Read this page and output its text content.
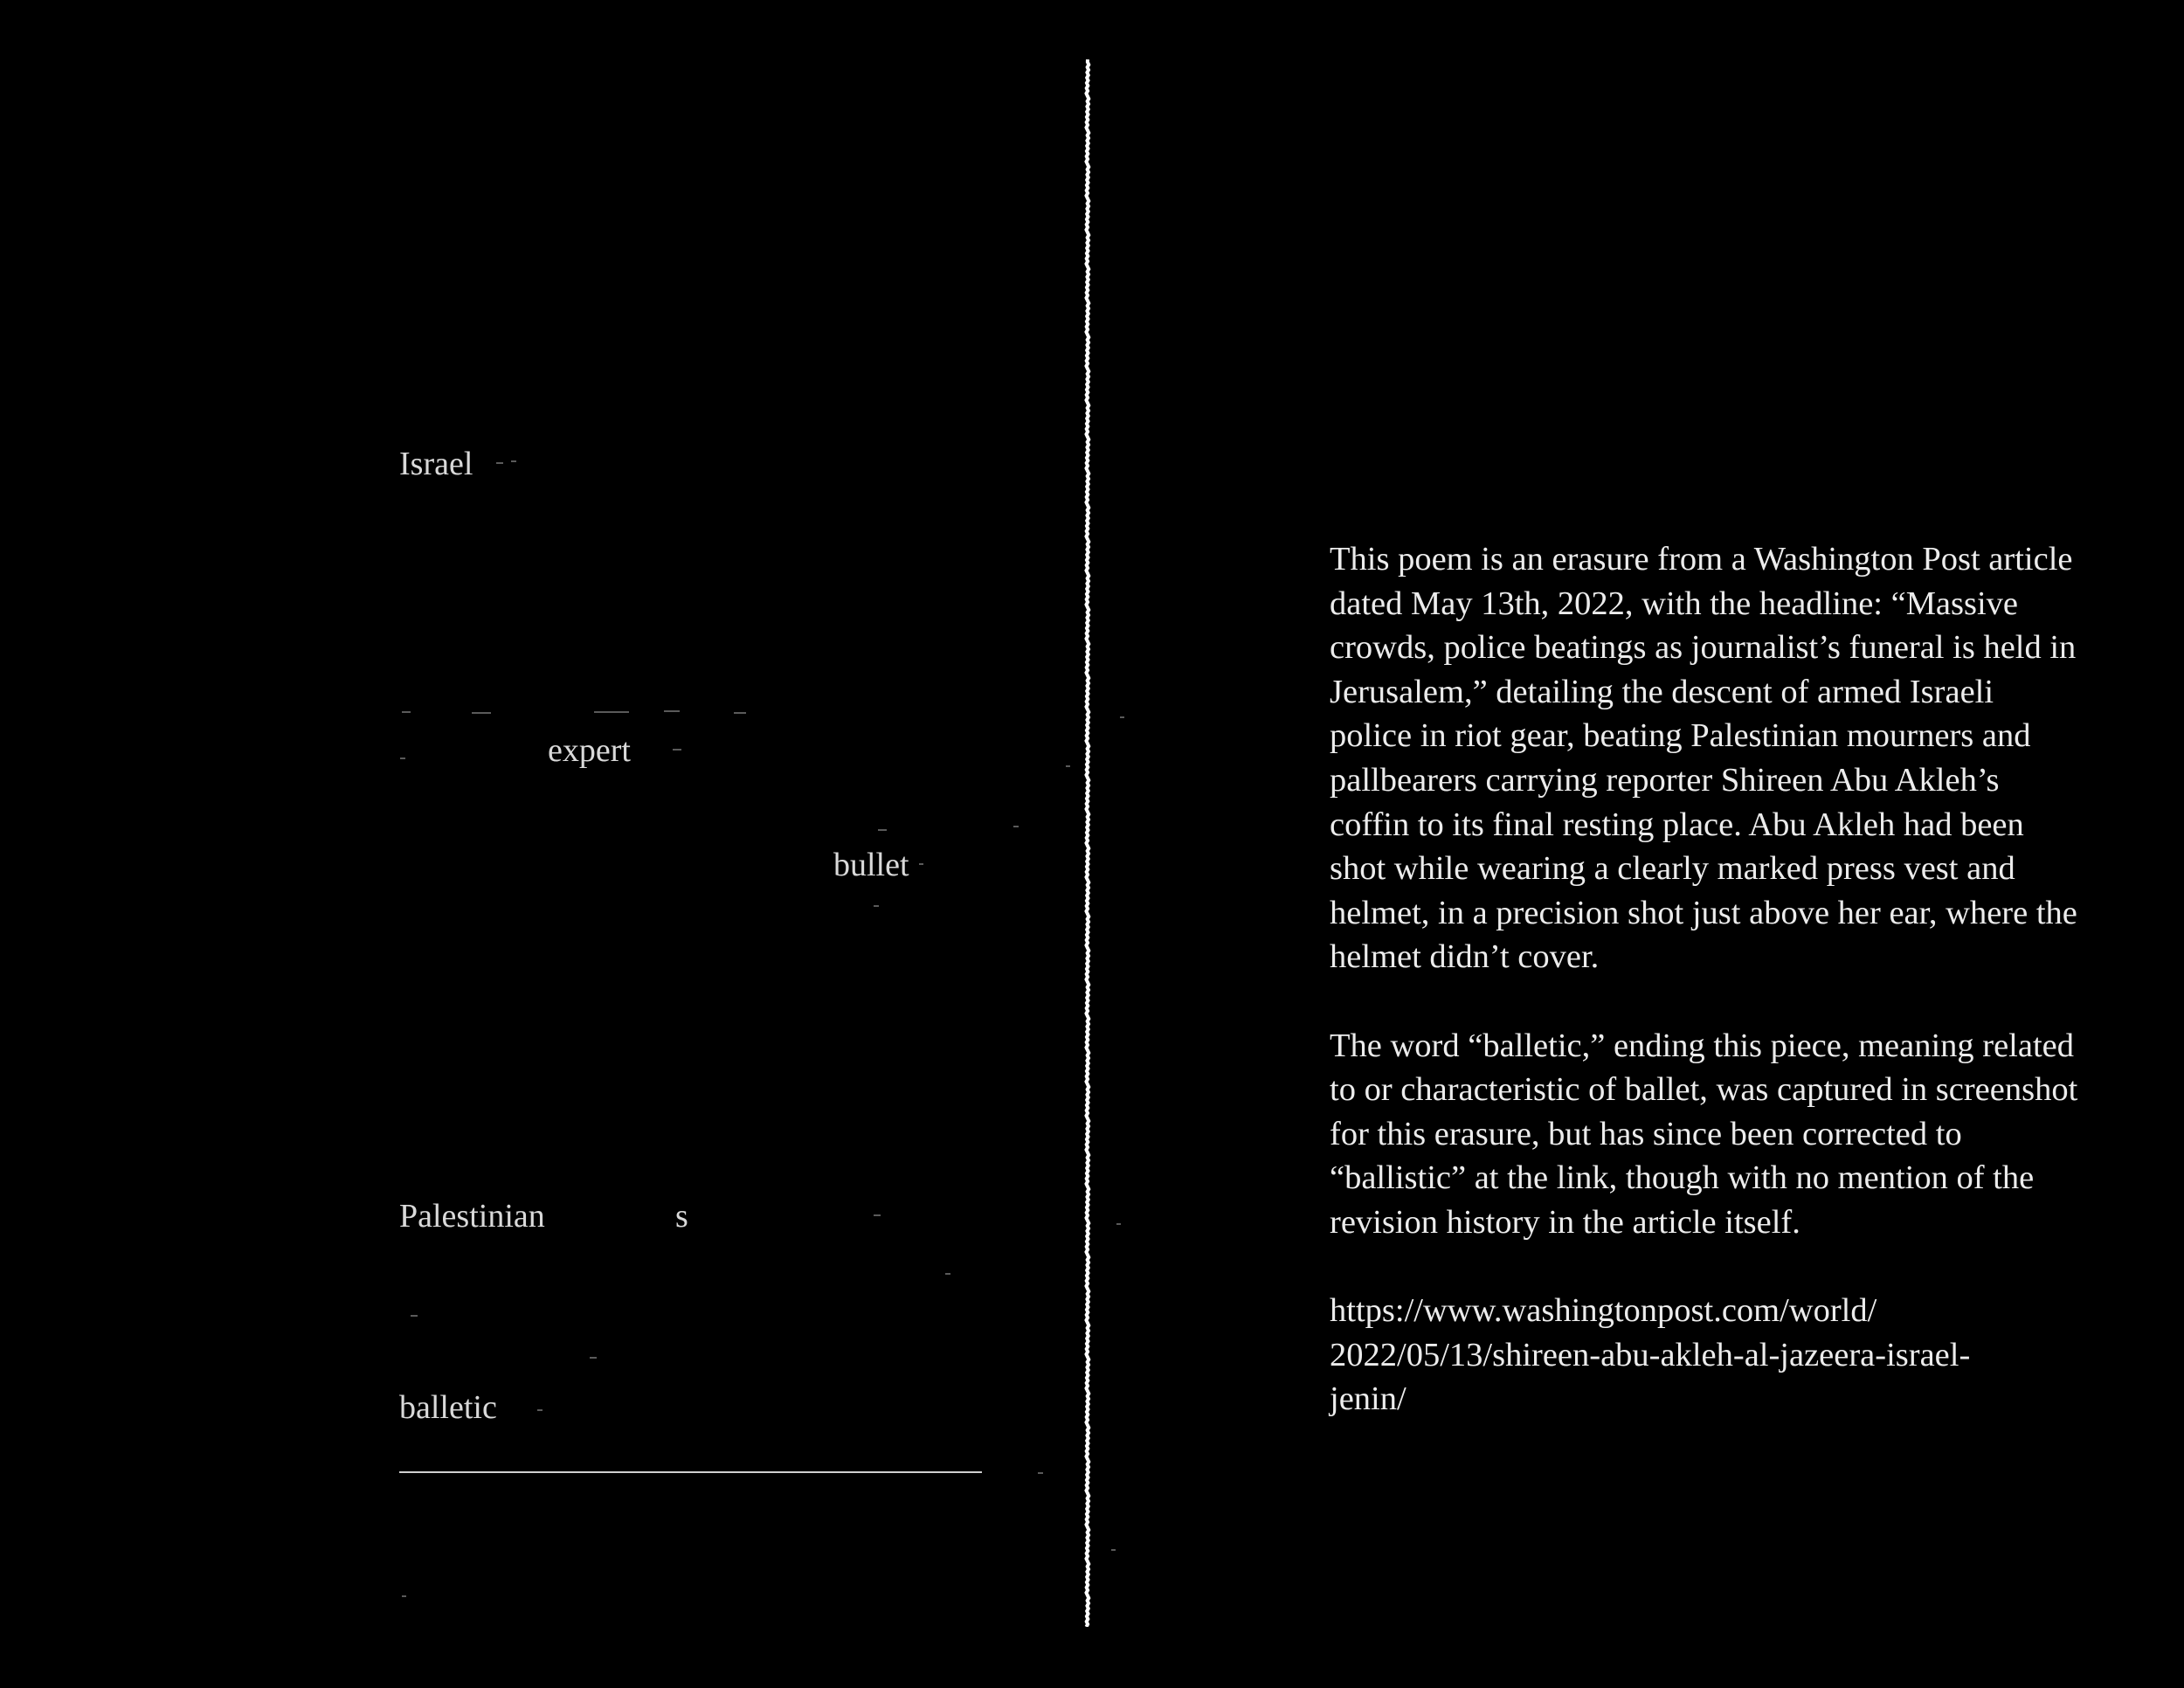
Israel
expert
bullet
Palestinian	s
balletic

This poem is an erasure from a Washington Post article dated May 13th, 2022, with the headline: “Massive crowds, police beatings as journalist’s funeral is held in Jerusalem,” detailing the descent of armed Israeli police in riot gear, beating Palestinian mourners and pallbearers carrying reporter Shireen Abu Akleh’s coffin to its final resting place. Abu Akleh had been shot while wearing a clearly marked press vest and helmet, in a precision shot just above her ear, where the helmet didn’t cover.

The word “balletic,” ending this piece, meaning related to or characteristic of ballet, was captured in screenshot for this erasure, but has since been corrected to “ballistic” at the link, though with no mention of the revision history in the article itself.

https://www.washingtonpost.com/world/
2022/05/13/shireen-abu-akleh-al-jazeera-israel-
jenin/
